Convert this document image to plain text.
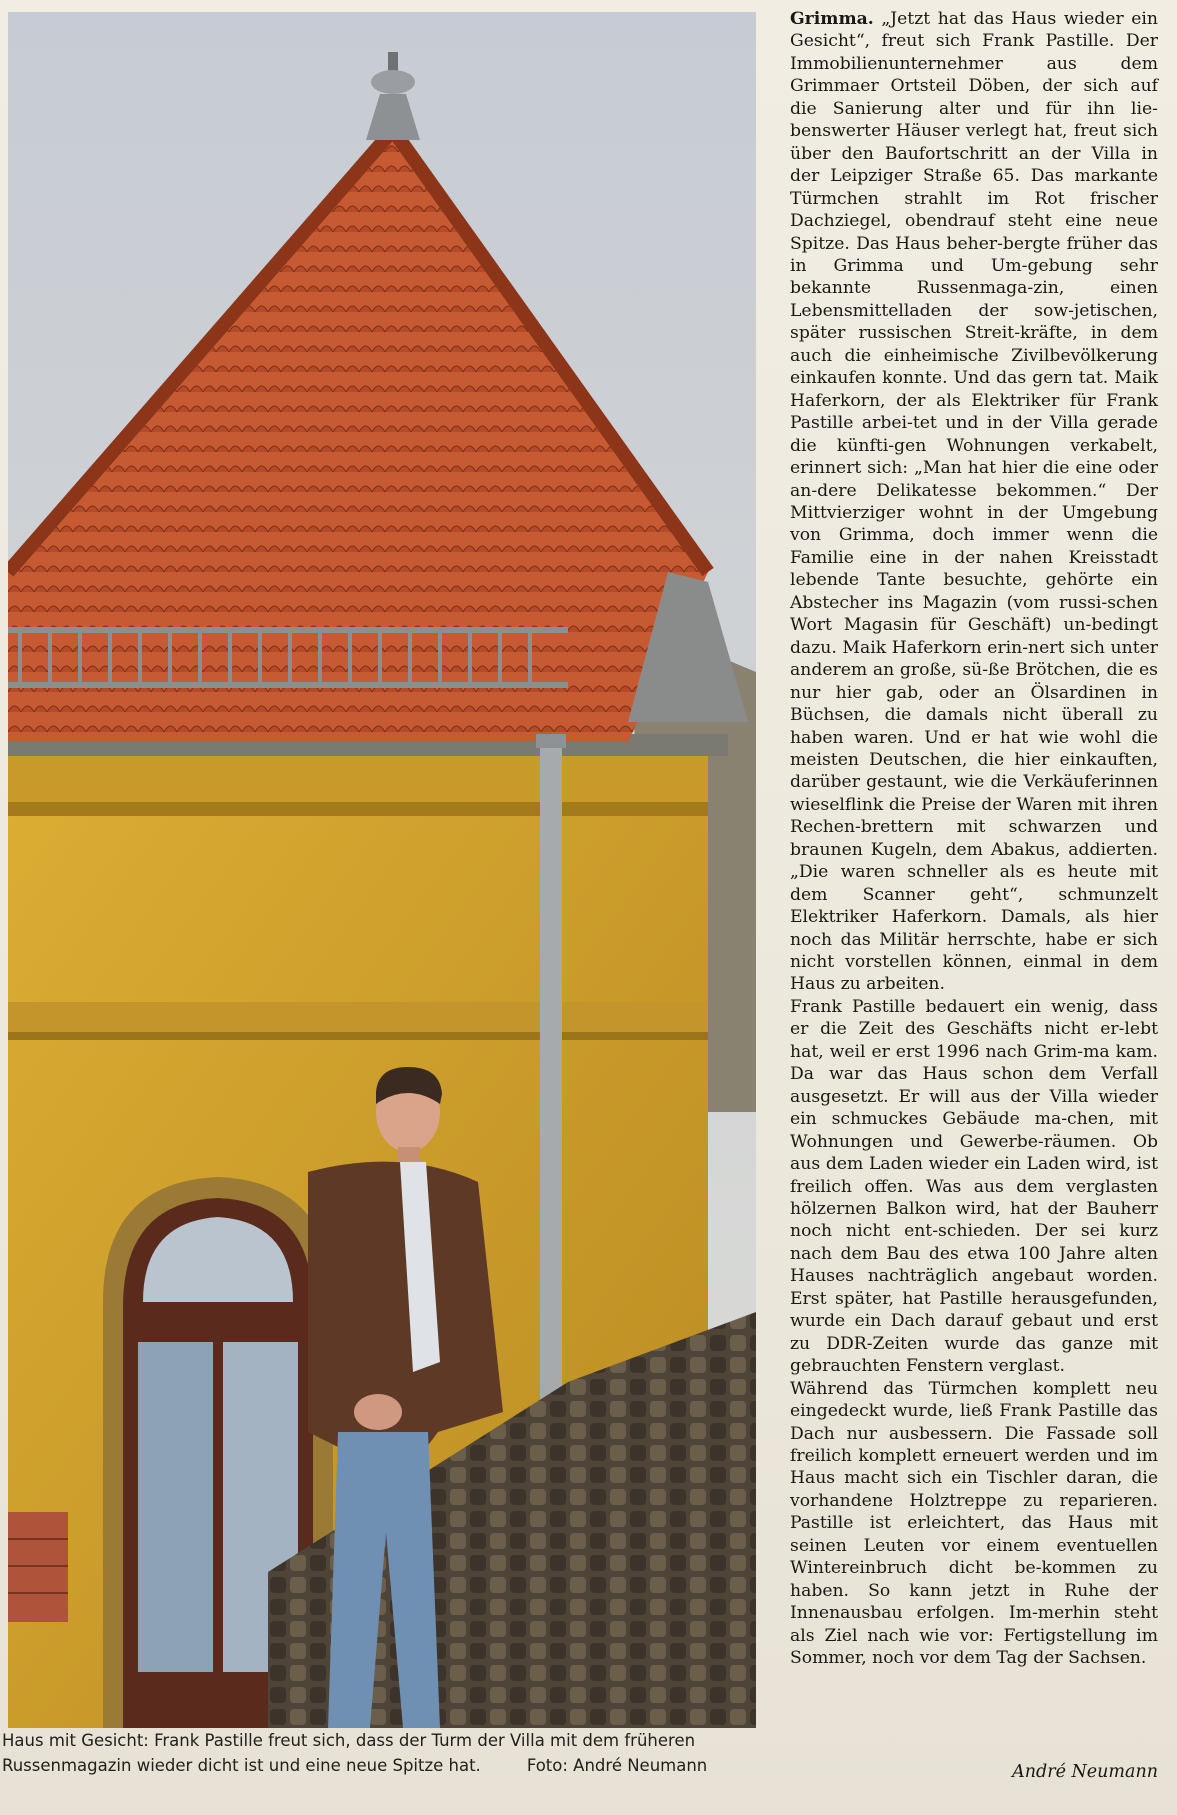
Haus mit Gesicht: Frank Pastille freut sich, dass der Turm der Villa mit dem früheren Russenmagazin wieder dicht ist und eine neue Spitze hat.	Foto: André Neumann

Grimma. „Jetzt hat das Haus wieder ein Gesicht“, freut sich Frank Pastille. Der Immobilienunternehmer aus dem Grimmaer Ortsteil Döben, der sich auf die Sanierung alter und für ihn lie-benswerter Häuser verlegt hat, freut sich über den Baufortschritt an der Villa in der Leipziger Straße 65. Das markante Türmchen strahlt im Rot frischer Dachziegel, obendrauf steht eine neue Spitze. Das Haus beher-bergte früher das in Grimma und Um-gebung sehr bekannte Russenmaga-zin, einen Lebensmittelladen der sow-jetischen, später russischen Streit-kräfte, in dem auch die einheimische Zivilbevölkerung einkaufen konnte. Und das gern tat. Maik Haferkorn, der als Elektriker für Frank Pastille arbei-tet und in der Villa gerade die künfti-gen Wohnungen verkabelt, erinnert sich: „Man hat hier die eine oder an-dere Delikatesse bekommen.“ Der Mittvierziger wohnt in der Umgebung von Grimma, doch immer wenn die Familie eine in der nahen Kreisstadt lebende Tante besuchte, gehörte ein Abstecher ins Magazin (vom russi-schen Wort Magasin für Geschäft) un-bedingt dazu. Maik Haferkorn erin-nert sich unter anderem an große, sü-ße Brötchen, die es nur hier gab, oder an Ölsardinen in Büchsen, die damals nicht überall zu haben waren. Und er hat wie wohl die meisten Deutschen, die hier einkauften, darüber gestaunt, wie die Verkäuferinnen wieselflink die Preise der Waren mit ihren Rechen-brettern mit schwarzen und braunen Kugeln, dem Abakus, addierten. „Die waren schneller als es heute mit dem Scanner geht“, schmunzelt Elektriker Haferkorn. Damals, als hier noch das Militär herrschte, habe er sich nicht vorstellen können, einmal in dem Haus zu arbeiten.

Frank Pastille bedauert ein wenig, dass er die Zeit des Geschäfts nicht er-lebt hat, weil er erst 1996 nach Grim-ma kam. Da war das Haus schon dem Verfall ausgesetzt. Er will aus der Villa wieder ein schmuckes Gebäude ma-chen, mit Wohnungen und Gewerbe-räumen. Ob aus dem Laden wieder ein Laden wird, ist freilich offen. Was aus dem verglasten hölzernen Balkon wird, hat der Bauherr noch nicht ent-schieden. Der sei kurz nach dem Bau des etwa 100 Jahre alten Hauses nachträglich angebaut worden. Erst später, hat Pastille herausgefunden, wurde ein Dach darauf gebaut und erst zu DDR-Zeiten wurde das ganze mit gebrauchten Fenstern verglast.

Während das Türmchen komplett neu eingedeckt wurde, ließ Frank Pastille das Dach nur ausbessern. Die Fassade soll freilich komplett erneuert werden und im Haus macht sich ein Tischler daran, die vorhandene Holztreppe zu reparieren. Pastille ist erleichtert, das Haus mit seinen Leuten vor einem eventuellen Wintereinbruch dicht be-kommen zu haben. So kann jetzt in Ruhe der Innenausbau erfolgen. Im-merhin steht als Ziel nach wie vor: Fertigstellung im Sommer, noch vor dem Tag der Sachsen.

André Neumann
